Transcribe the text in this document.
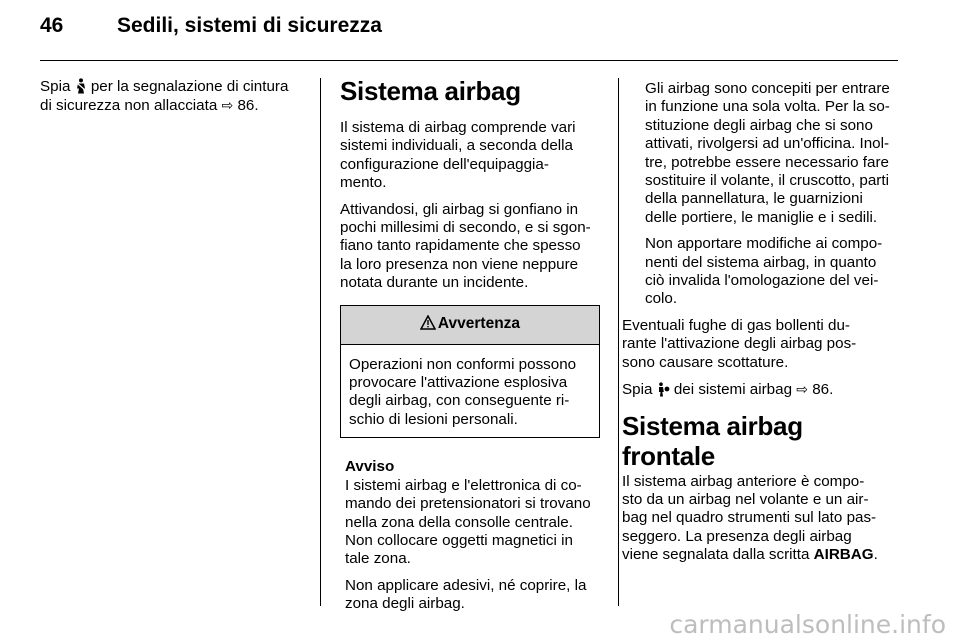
46	Sedili, sistemi di sicurezza

Spia  per la segnalazione di cintura

di sicurezza non allacciata ⇨ 86.	Sistema airbag

Il sistema di airbag comprende vari
sistemi individuali, a seconda della
configurazione dell'equipaggia-
mento.

Attivandosi, gli airbag si gonfiano in
pochi millesimi di secondo, e si sgon-
fiano tanto rapidamente che spesso
la loro presenza non viene neppure
notata durante un incidente.

Avvertenza
Operazioni non conformi possono
provocare l'attivazione esplosiva
degli airbag, con conseguente ri-
schio di lesioni personali.

Avviso

I sistemi airbag e l'elettronica di co-
mando dei pretensionatori si trovano
nella zona della consolle centrale.
Non collocare oggetti magnetici in
tale zona.

Non applicare adesivi, né coprire, la
zona degli airbag.

Gli airbag sono concepiti per entrare
in funzione una sola volta. Per la so-
stituzione degli airbag che si sono
attivati, rivolgersi ad un'officina. Inol-
tre, potrebbe essere necessario fare
sostituire il volante, il cruscotto, parti
della pannellatura, le guarnizioni
delle portiere, le maniglie e i sedili.

Non apportare modifiche ai compo-
nenti del sistema airbag, in quanto
ciò invalida l'omologazione del vei-
colo.

Eventuali fughe di gas bollenti du-
rante l'attivazione degli airbag pos-
sono causare scottature.

Spia  dei sistemi airbag ⇨ 86.

Sistema airbag frontale

Il sistema airbag anteriore è compo-
sto da un airbag nel volante e un air-
bag nel quadro strumenti sul lato pas-
seggero. La presenza degli airbag
viene segnalata dalla scritta AIRBAG.

carmanualsonline.info
